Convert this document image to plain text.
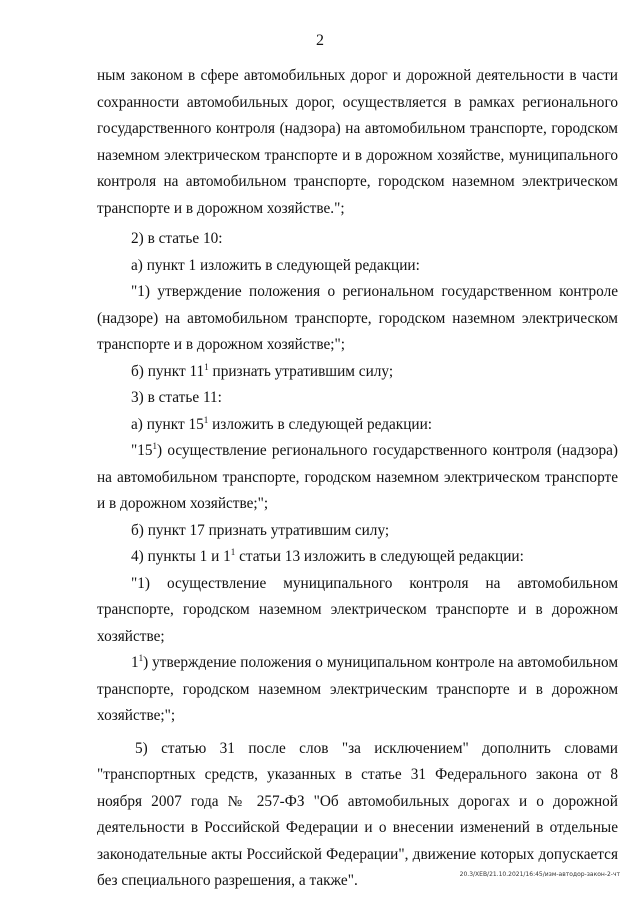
2

ным законом в сфере автомобильных дорог и дорожной деятельности в части сохранности автомобильных дорог, осуществляется в рамках регионального государственного контроля (надзора) на автомобильном транспорте, городском наземном электрическом транспорте и в дорожном хозяйстве, муниципального контроля на автомобильном транспорте, городском наземном электрическом транспорте и в дорожном хозяйстве.";

2) в статье 10:

а) пункт 1 изложить в следующей редакции:

"1) утверждение положения о региональном государственном контроле (надзоре) на автомобильном транспорте, городском наземном электрическом транспорте и в дорожном хозяйстве;";

б) пункт $11^1$ признать утратившим силу;

3) в статье 11:

а) пункт $15^1$ изложить в следующей редакции:

"$15^1$) осуществление регионального государственного контроля (надзора) на автомобильном транспорте, городском наземном электрическом транспорте и в дорожном хозяйстве;";

б) пункт 17 признать утратившим силу;

4) пункты 1 и $1^1$ статьи 13 изложить в следующей редакции:

"1) осуществление муниципального контроля на автомобильном транспорте, городском наземном электрическом транспорте и в дорожном хозяйстве;

$1^1$) утверждение положения о муниципальном контроле на автомобильном транспорте, городском наземном электрическим транспорте и в дорожном хозяйстве;";

5) статью 31 после слов "за исключением" дополнить словами "транспортных средств, указанных в статье 31 Федерального закона от 8 ноября 2007 года № 257-ФЗ "Об автомобильных дорогах и о дорожной деятельности в Российской Федерации и о внесении изменений в отдельные законодательные акты Российской Федерации", движение которых допускается без специального разрешения, а также".	20.3/ХЕВ/21.10.2021/16:45/изм-автодор-закон-2-чт
